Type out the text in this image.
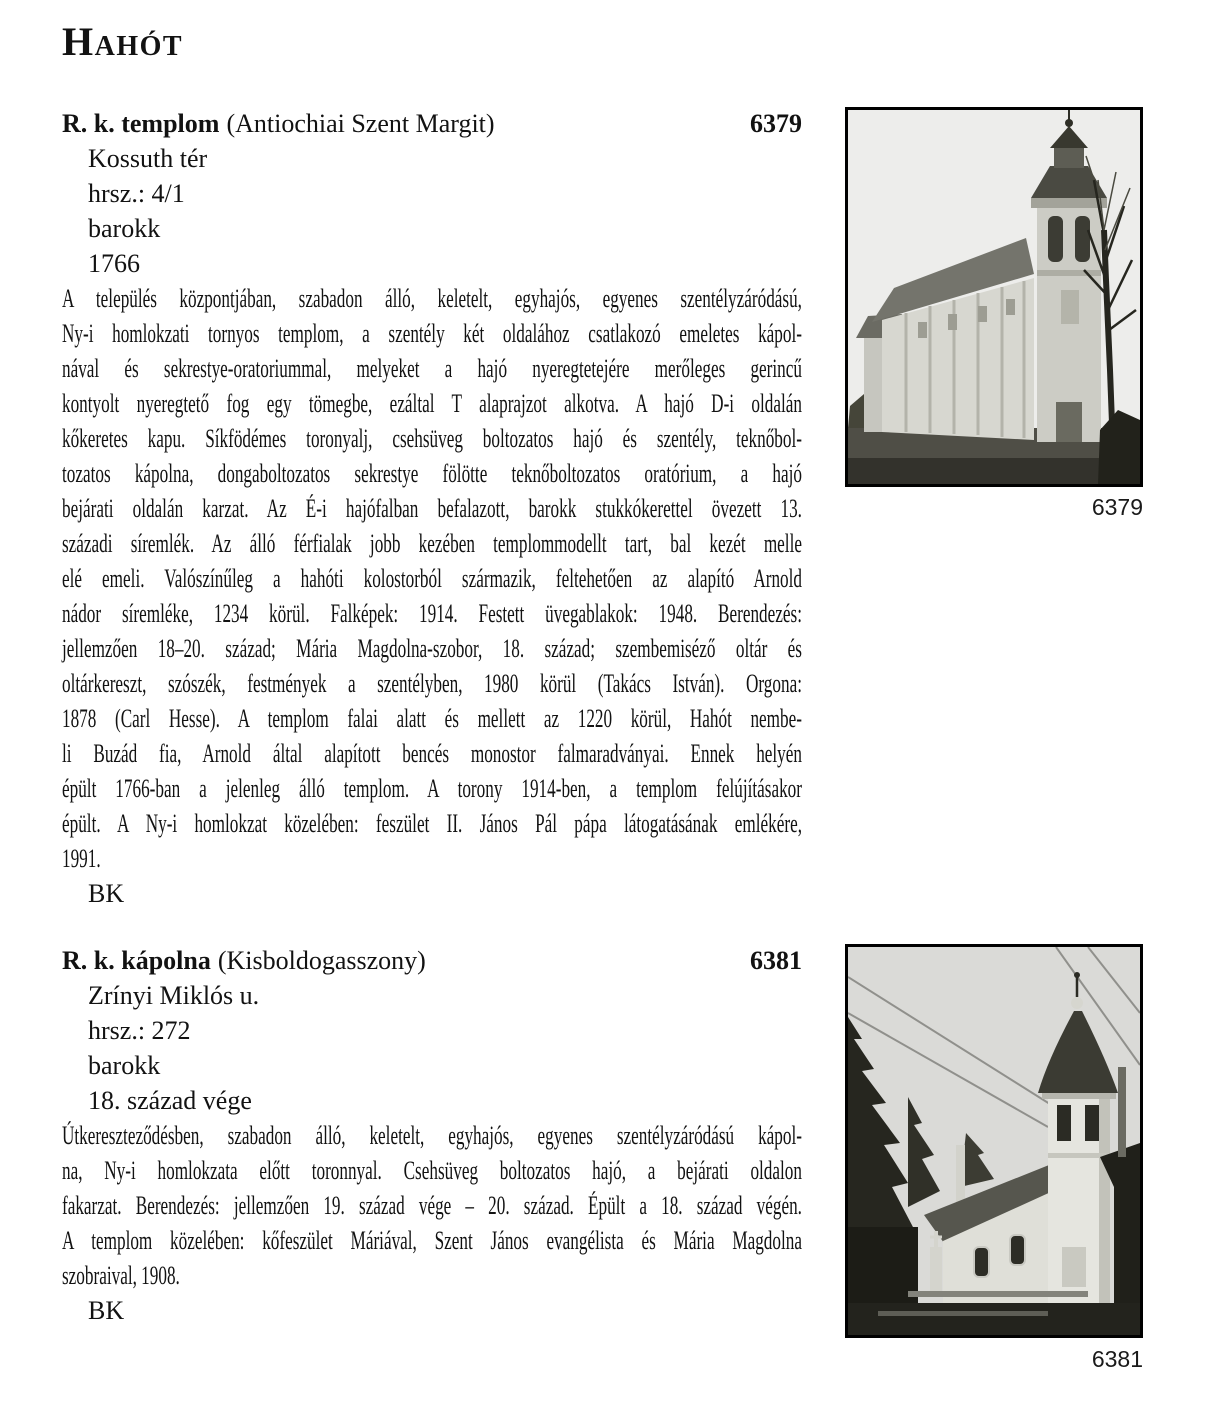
HAHÓT
R. k. templom (Antiochiai Szent Margit)	6379
Kossuth tér
hrsz.: 4/1
barokk
1766
A település központjában, szabadon álló, keletelt, egyhajós, egyenes szentélyzáródású,
Ny-i homlokzati tornyos templom, a szentély két oldalához csatlakozó emeletes kápol-
nával és sekrestye-oratoriummal, melyeket a hajó nyeregtetejére merőleges gerincű
kontyolt nyeregtető fog egy tömegbe, ezáltal T alaprajzot alkotva. A hajó D-i oldalán
kőkeretes kapu. Síkfödémes toronyalj, csehsüveg boltozatos hajó és szentély, teknőbol-
tozatos kápolna, dongaboltozatos sekrestye fölötte teknőboltozatos oratórium, a hajó
bejárati oldalán karzat. Az É-i hajófalban befalazott, barokk stukkókerettel övezett 13.
századi síremlék. Az álló férfialak jobb kezében templommodellt tart, bal kezét melle
elé emeli. Valószínűleg a hahóti kolostorból származik, feltehetően az alapító Arnold
nádor síremléke, 1234 körül. Falképek: 1914. Festett üvegablakok: 1948. Berendezés:
jellemzően 18–20. század; Mária Magdolna-szobor, 18. század; szembemiséző oltár és
oltárkereszt, szószék, festmények a szentélyben, 1980 körül (Takács István). Orgona:
1878 (Carl Hesse). A templom falai alatt és mellett az 1220 körül, Hahót nembe-
li Buzád fia, Arnold által alapított bencés monostor falmaradványai. Ennek helyén
épült 1766-ban a jelenleg álló templom. A torony 1914-ben, a templom felújításakor
épült. A Ny-i homlokzat közelében: feszület II. János Pál pápa látogatásának emlékére,
1991.
BK
6379
R. k. kápolna (Kisboldogasszony)	6381
Zrínyi Miklós u.
hrsz.: 272
barokk
18. század vége
Útkereszteződésben, szabadon álló, keletelt, egyhajós, egyenes szentélyzáródású kápol-
na, Ny-i homlokzata előtt toronnyal. Csehsüveg boltozatos hajó, a bejárati oldalon
fakarzat. Berendezés: jellemzően 19. század vége – 20. század. Épült a 18. század végén.
A templom közelében: kőfeszület Máriával, Szent János evangélista és Mária Magdolna
szobraival, 1908.
BK
6381
